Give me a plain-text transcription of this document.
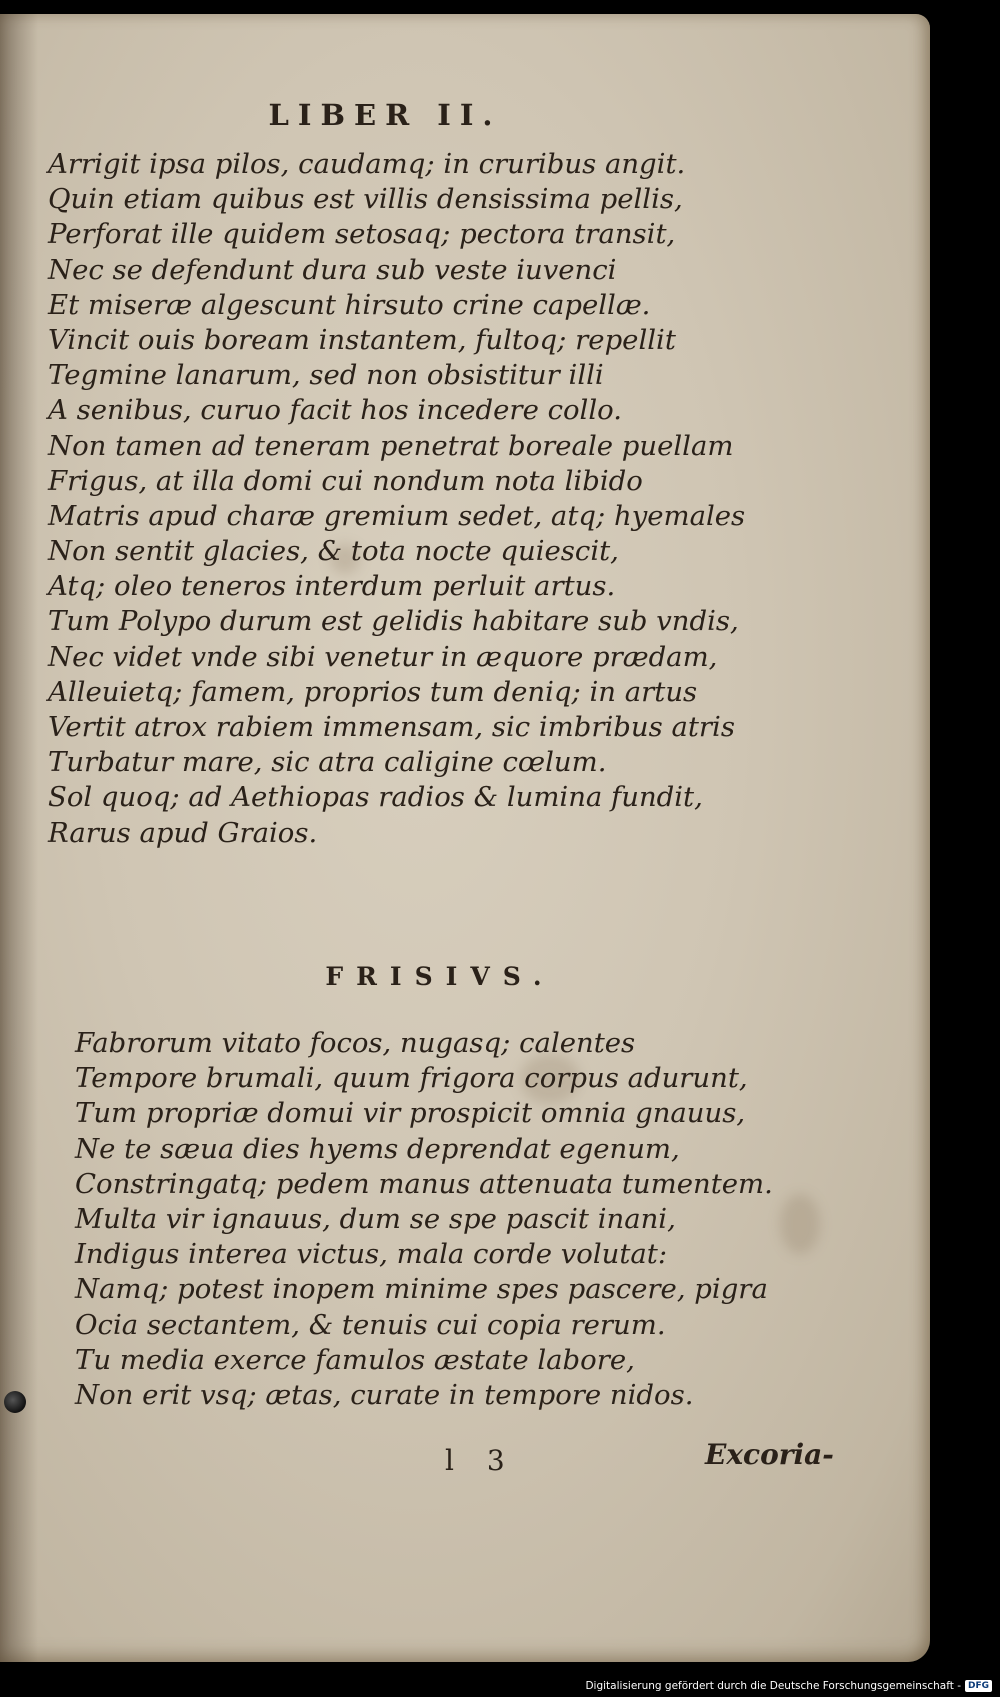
LIBER II.
Arrigit ipsa pilos, caudamq; in cruribus angit.
Quin etiam quibus est villis densissima pellis,
Perforat ille quidem setosaq; pectora transit,
Nec se defendunt dura sub veste iuvenci
Et miseræ algescunt hirsuto crine capellæ.
Vincit ouis boream instantem, fultoq; repellit
Tegmine lanarum, sed non obsistitur illi
A senibus, curuo facit hos incedere collo.
Non tamen ad teneram penetrat boreale puellam
Frigus, at illa domi cui nondum nota libido
Matris apud charæ gremium sedet, atq; hyemales
Non sentit glacies, & tota nocte quiescit,
Atq; oleo teneros interdum perluit artus.
Tum Polypo durum est gelidis habitare sub vndis,
Nec videt vnde sibi venetur in æquore prædam,
Alleuietq; famem, proprios tum deniq; in artus
Vertit atrox rabiem immensam, sic imbribus atris
Turbatur mare, sic atra caligine cœlum.
Sol quoq; ad Aethiopas radios & lumina fundit,
Rarus apud Graios.
FRISIVS.
Fabrorum vitato focos, nugasq; calentes
Tempore brumali, quum frigora corpus adurunt,
Tum propriæ domui vir prospicit omnia gnauus,
Ne te sæua dies hyems deprendat egenum,
Constringatq; pedem manus attenuata tumentem.
Multa vir ignauus, dum se spe pascit inani,
Indigus interea victus, mala corde volutat:
Namq; potest inopem minime spes pascere, pigra
Ocia sectantem, & tenuis cui copia rerum.
Tu media exerce famulos æstate labore,
Non erit vsq; ætas, curate in tempore nidos.
l 3	Excoria-
Digitalisierung gefördert durch die Deutsche Forschungsgemeinschaft - DFG
